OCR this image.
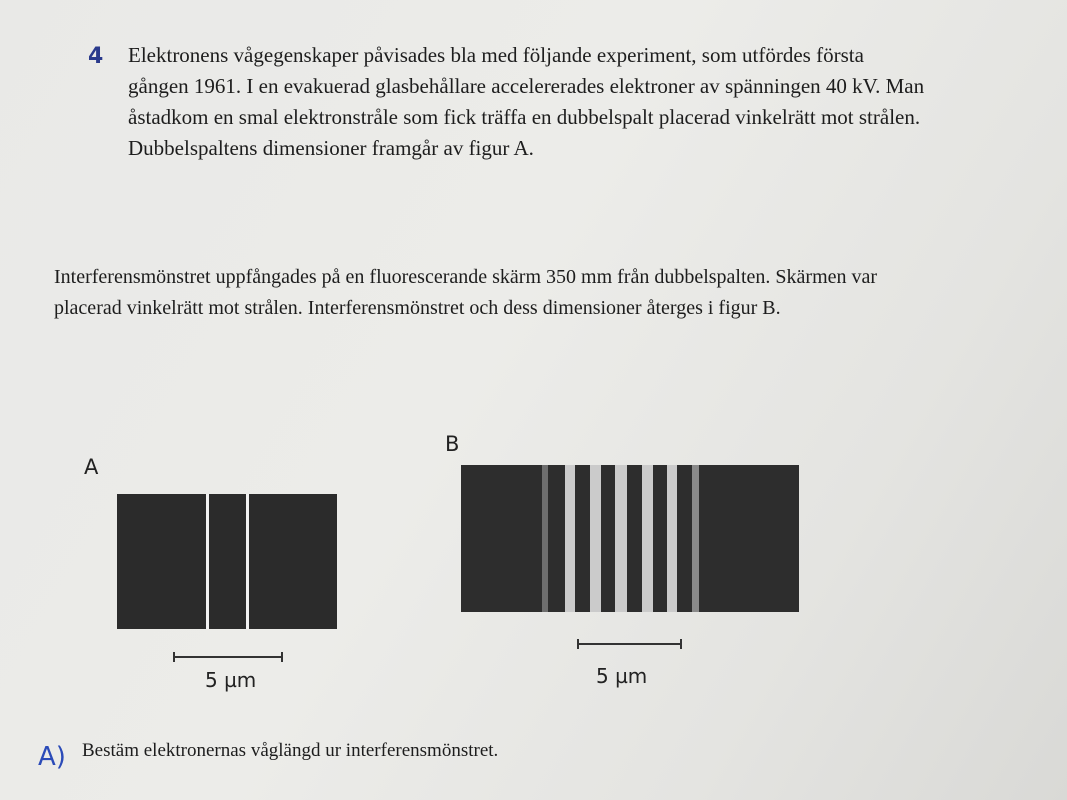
4 Elektronens vågegenskaper påvisades bla med följande experiment, som utfördes första gången 1961. I en evakuerad glasbehållare accelererades elektroner av spänningen 40 kV. Man åstadkom en smal elektronstråle som fick träffa en dubbelspalt placerad vinkelrätt mot strålen. Dubbelspaltens dimensioner framgår av figur A.

Interferensmönstret uppfångades på en fluorescerande skärm 350 mm från dubbelspalten. Skärmen var placerad vinkelrätt mot strålen. Interferensmönstret och dess dimensioner återges i figur B.

A
5 µm
B
5 µm
A) Bestäm elektronernas våglängd ur interferensmönstret.
